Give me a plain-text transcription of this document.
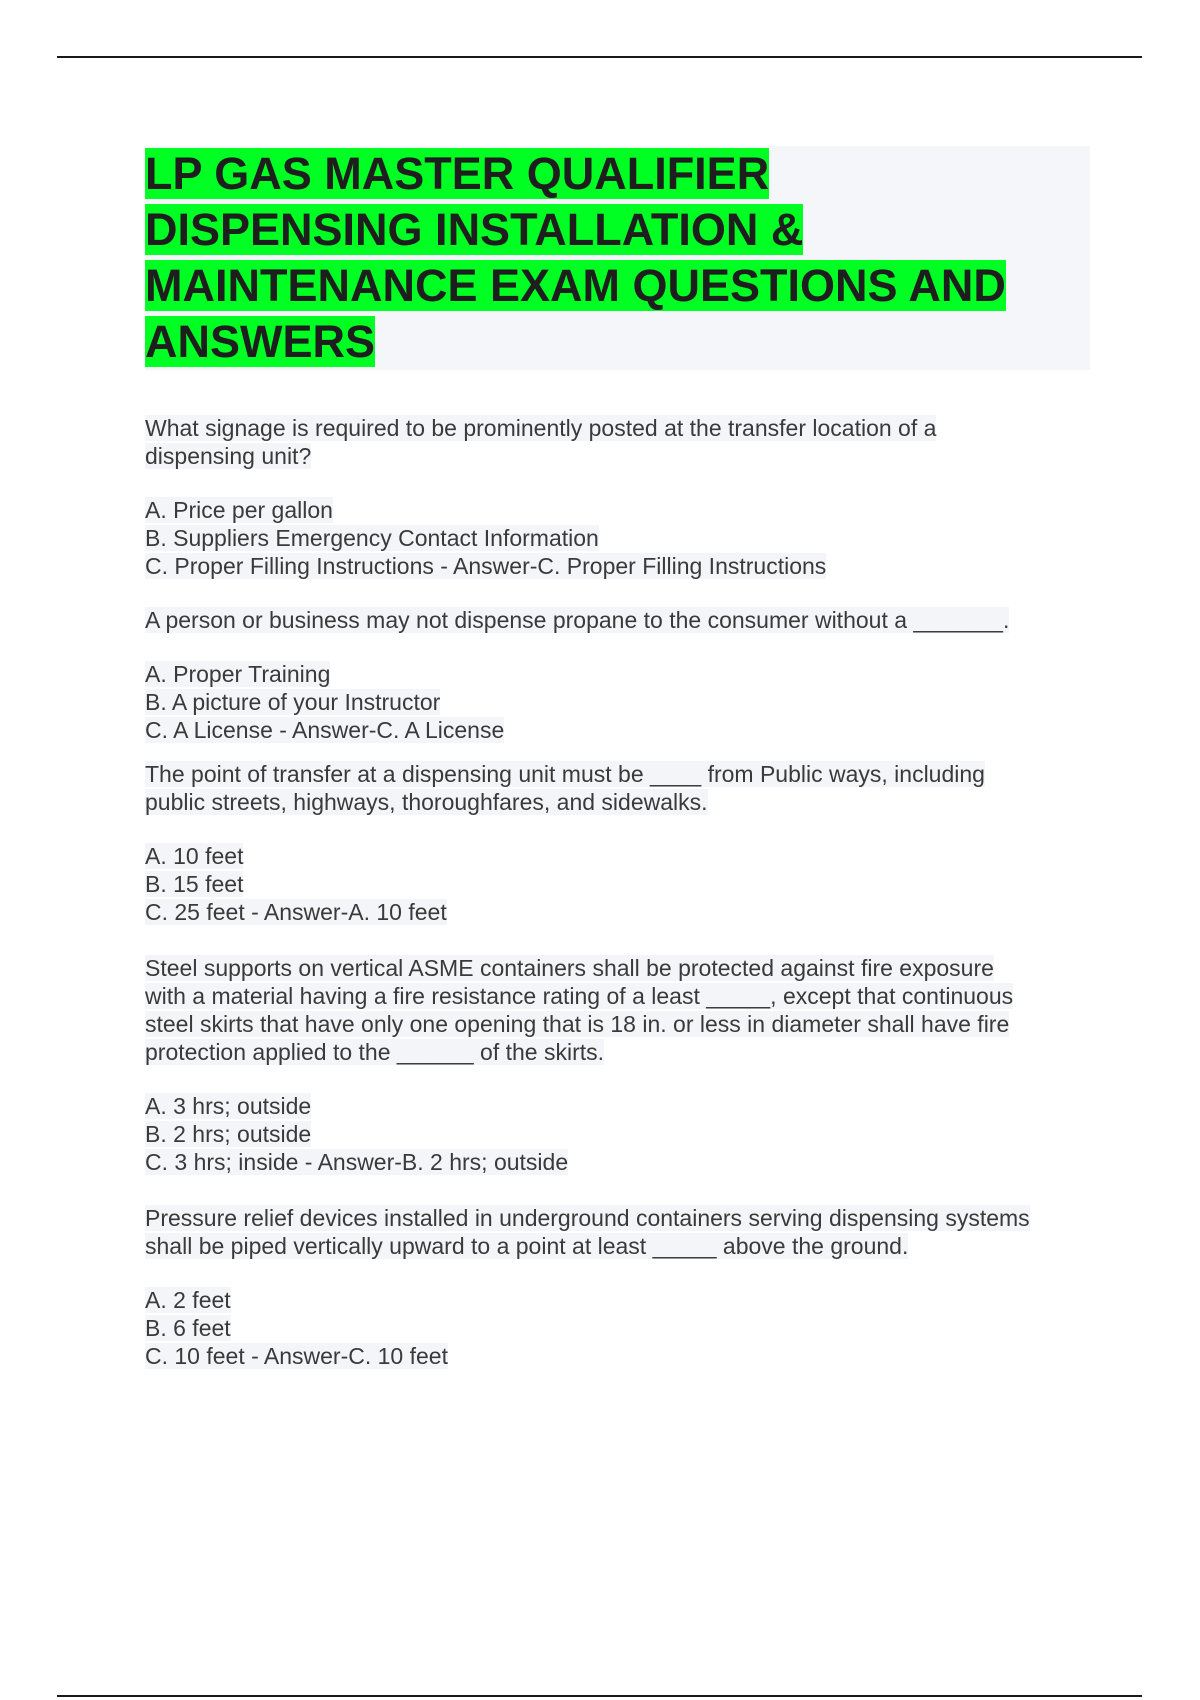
LP GAS MASTER QUALIFIER
DISPENSING INSTALLATION &
MAINTENANCE EXAM QUESTIONS AND
ANSWERS

What signage is required to be prominently posted at the transfer location of a
dispensing unit?

A. Price per gallon
B. Suppliers Emergency Contact Information
C. Proper Filling Instructions - Answer-C. Proper Filling Instructions

A person or business may not dispense propane to the consumer without a _______.

A. Proper Training
B. A picture of your Instructor
C. A License - Answer-C. A License

The point of transfer at a dispensing unit must be ____ from Public ways, including
public streets, highways, thoroughfares, and sidewalks.

A. 10 feet
B. 15 feet
C. 25 feet - Answer-A. 10 feet

Steel supports on vertical ASME containers shall be protected against fire exposure
with a material having a fire resistance rating of a least _____, except that continuous
steel skirts that have only one opening that is 18 in. or less in diameter shall have fire
protection applied to the ______ of the skirts.

A. 3 hrs; outside
B. 2 hrs; outside
C. 3 hrs; inside - Answer-B. 2 hrs; outside

Pressure relief devices installed in underground containers serving dispensing systems
shall be piped vertically upward to a point at least _____ above the ground.

A. 2 feet
B. 6 feet
C. 10 feet - Answer-C. 10 feet
